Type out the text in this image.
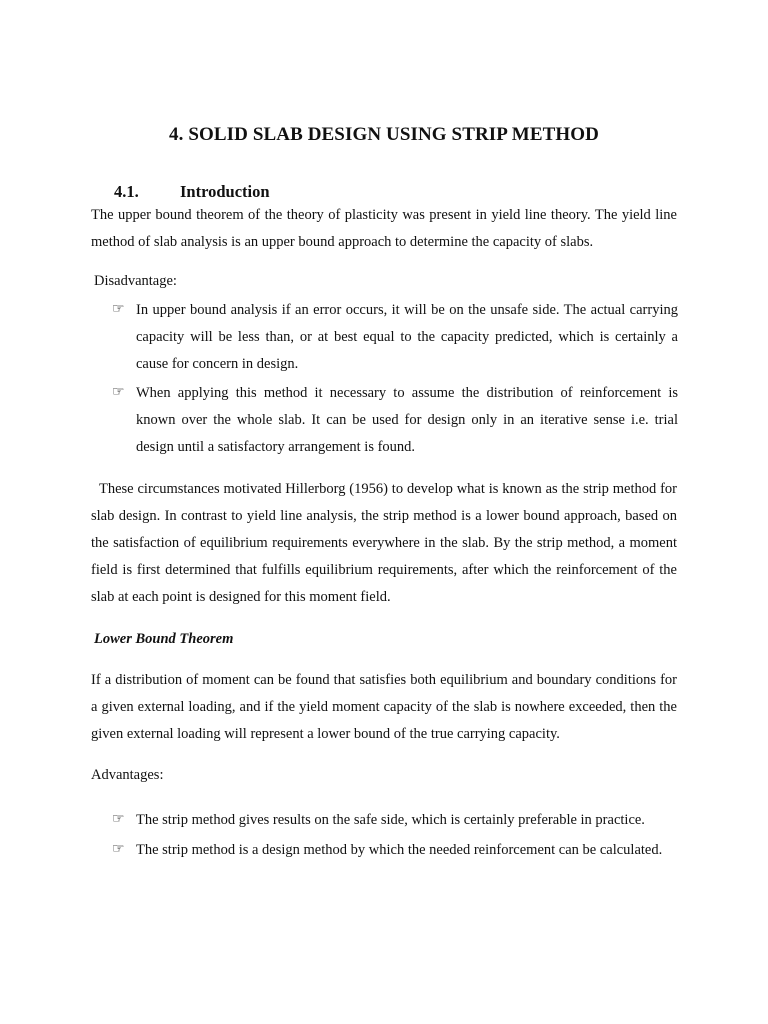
4. SOLID SLAB DESIGN USING STRIP METHOD
4.1.	Introduction

The upper bound theorem of the theory of plasticity was present in yield line theory. The yield line method of slab analysis is an upper bound approach to determine the capacity of slabs.

Disadvantage:

☞ In upper bound analysis if an error occurs, it will be on the unsafe side. The actual carrying capacity will be less than, or at best equal to the capacity predicted, which is certainly a cause for concern in design.
☞ When applying this method it necessary to assume the distribution of reinforcement is known over the whole slab. It can be used for design only in an iterative sense i.e. trial design until a satisfactory arrangement is found.

These circumstances motivated Hillerborg (1956) to develop what is known as the strip method for slab design. In contrast to yield line analysis, the strip method is a lower bound approach, based on the satisfaction of equilibrium requirements everywhere in the slab. By the strip method, a moment field is first determined that fulfills equilibrium requirements, after which the reinforcement of the slab at each point is designed for this moment field.

Lower Bound Theorem

If a distribution of moment can be found that satisfies both equilibrium and boundary conditions for a given external loading, and if the yield moment capacity of the slab is nowhere exceeded, then the given external loading will represent a lower bound of the true carrying capacity.

Advantages:

☞ The strip method gives results on the safe side, which is certainly preferable in practice.
☞ The strip method is a design method by which the needed reinforcement can be calculated.
